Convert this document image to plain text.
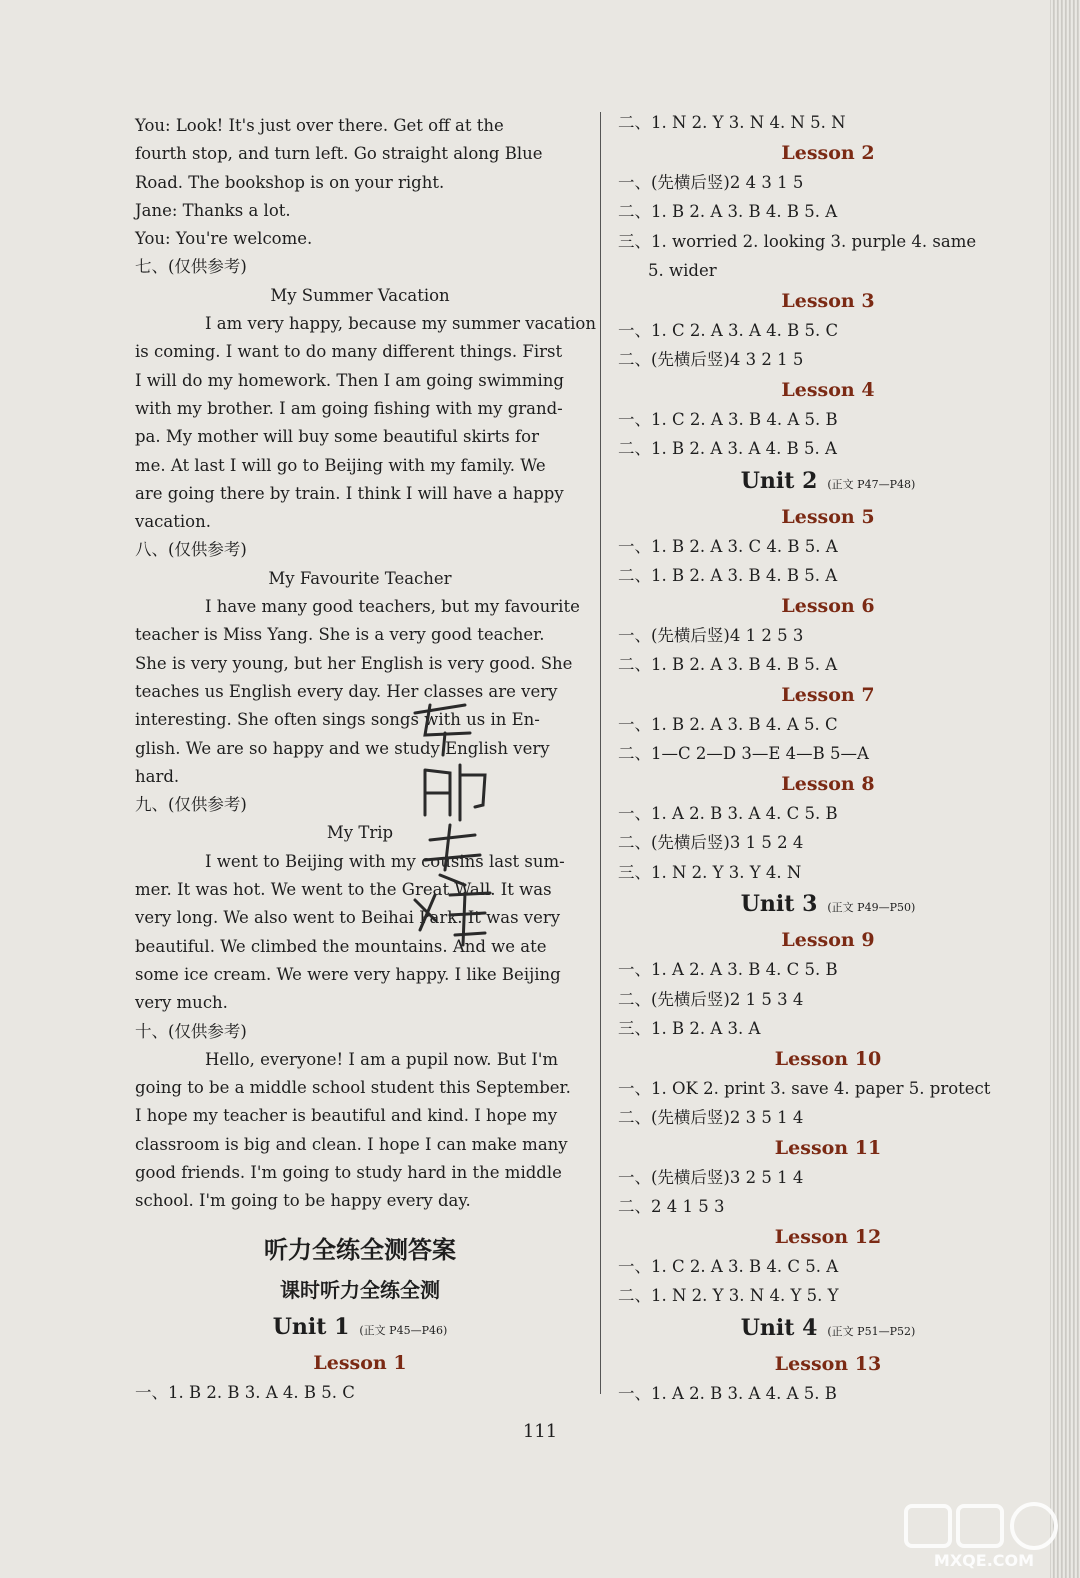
You: Look! It's just over there. Get off at the
fourth stop, and turn left. Go straight along Blue
Road. The bookshop is on your right.
Jane: Thanks a lot.
You: You're welcome.
七、(仅供参考)
My Summer Vacation
I am very happy, because my summer vacation
is coming. I want to do many different things. First
I will do my homework. Then I am going swimming
with my brother. I am going fishing with my grand-
pa. My mother will buy some beautiful skirts for
me. At last I will go to Beijing with my family. We
are going there by train. I think I will have a happy
vacation.
八、(仅供参考)
My Favourite Teacher
I have many good teachers, but my favourite
teacher is Miss Yang. She is a very good teacher.
She is very young, but her English is very good. She
teaches us English every day. Her classes are very
interesting. She often sings songs with us in En-
glish. We are so happy and we study English very
hard.
九、(仅供参考)
My Trip
I went to Beijing with my cousins last sum-
mer. It was hot. We went to the Great Wall. It was
very long. We also went to Beihai Park. It was very
beautiful. We climbed the mountains. And we ate
some ice cream. We were very happy. I like Beijing
very much.
十、(仅供参考)
Hello, everyone! I am a pupil now. But I'm
going to be a middle school student this September.
I hope my teacher is beautiful and kind. I hope my
classroom is big and clean. I hope I can make many
good friends. I'm going to study hard in the middle
school. I'm going to be happy every day.
听力全练全测答案
课时听力全练全测
Unit 1 (正文 P45—P46)
Lesson 1
一、1. B 2. B 3. A 4. B 5. C
二、1. N 2. Y 3. N 4. N 5. N
Lesson 2
一、(先横后竖)2 4 3 1 5
二、1. B 2. A 3. B 4. B 5. A
三、1. worried 2. looking 3. purple 4. same
5. wider
Lesson 3
一、1. C 2. A 3. A 4. B 5. C
二、(先横后竖)4 3 2 1 5
Lesson 4
一、1. C 2. A 3. B 4. A 5. B
二、1. B 2. A 3. A 4. B 5. A
Unit 2 (正文 P47—P48)
Lesson 5
一、1. B 2. A 3. C 4. B 5. A
二、1. B 2. A 3. B 4. B 5. A
Lesson 6
一、(先横后竖)4 1 2 5 3
二、1. B 2. A 3. B 4. B 5. A
Lesson 7
一、1. B 2. A 3. B 4. A 5. C
二、1—C 2—D 3—E 4—B 5—A
Lesson 8
一、1. A 2. B 3. A 4. C 5. B
二、(先横后竖)3 1 5 2 4
三、1. N 2. Y 3. Y 4. N
Unit 3 (正文 P49—P50)
Lesson 9
一、1. A 2. A 3. B 4. C 5. B
二、(先横后竖)2 1 5 3 4
三、1. B 2. A 3. A
Lesson 10
一、1. OK 2. print 3. save 4. paper 5. protect
二、(先横后竖)2 3 5 1 4
Lesson 11
一、(先横后竖)3 2 5 1 4
二、2 4 1 5 3
Lesson 12
一、1. C 2. A 3. B 4. C 5. A
二、1. N 2. Y 3. N 4. Y 5. Y
Unit 4 (正文 P51—P52)
Lesson 13
一、1. A 2. B 3. A 4. A 5. B
111
MXQE.COM
